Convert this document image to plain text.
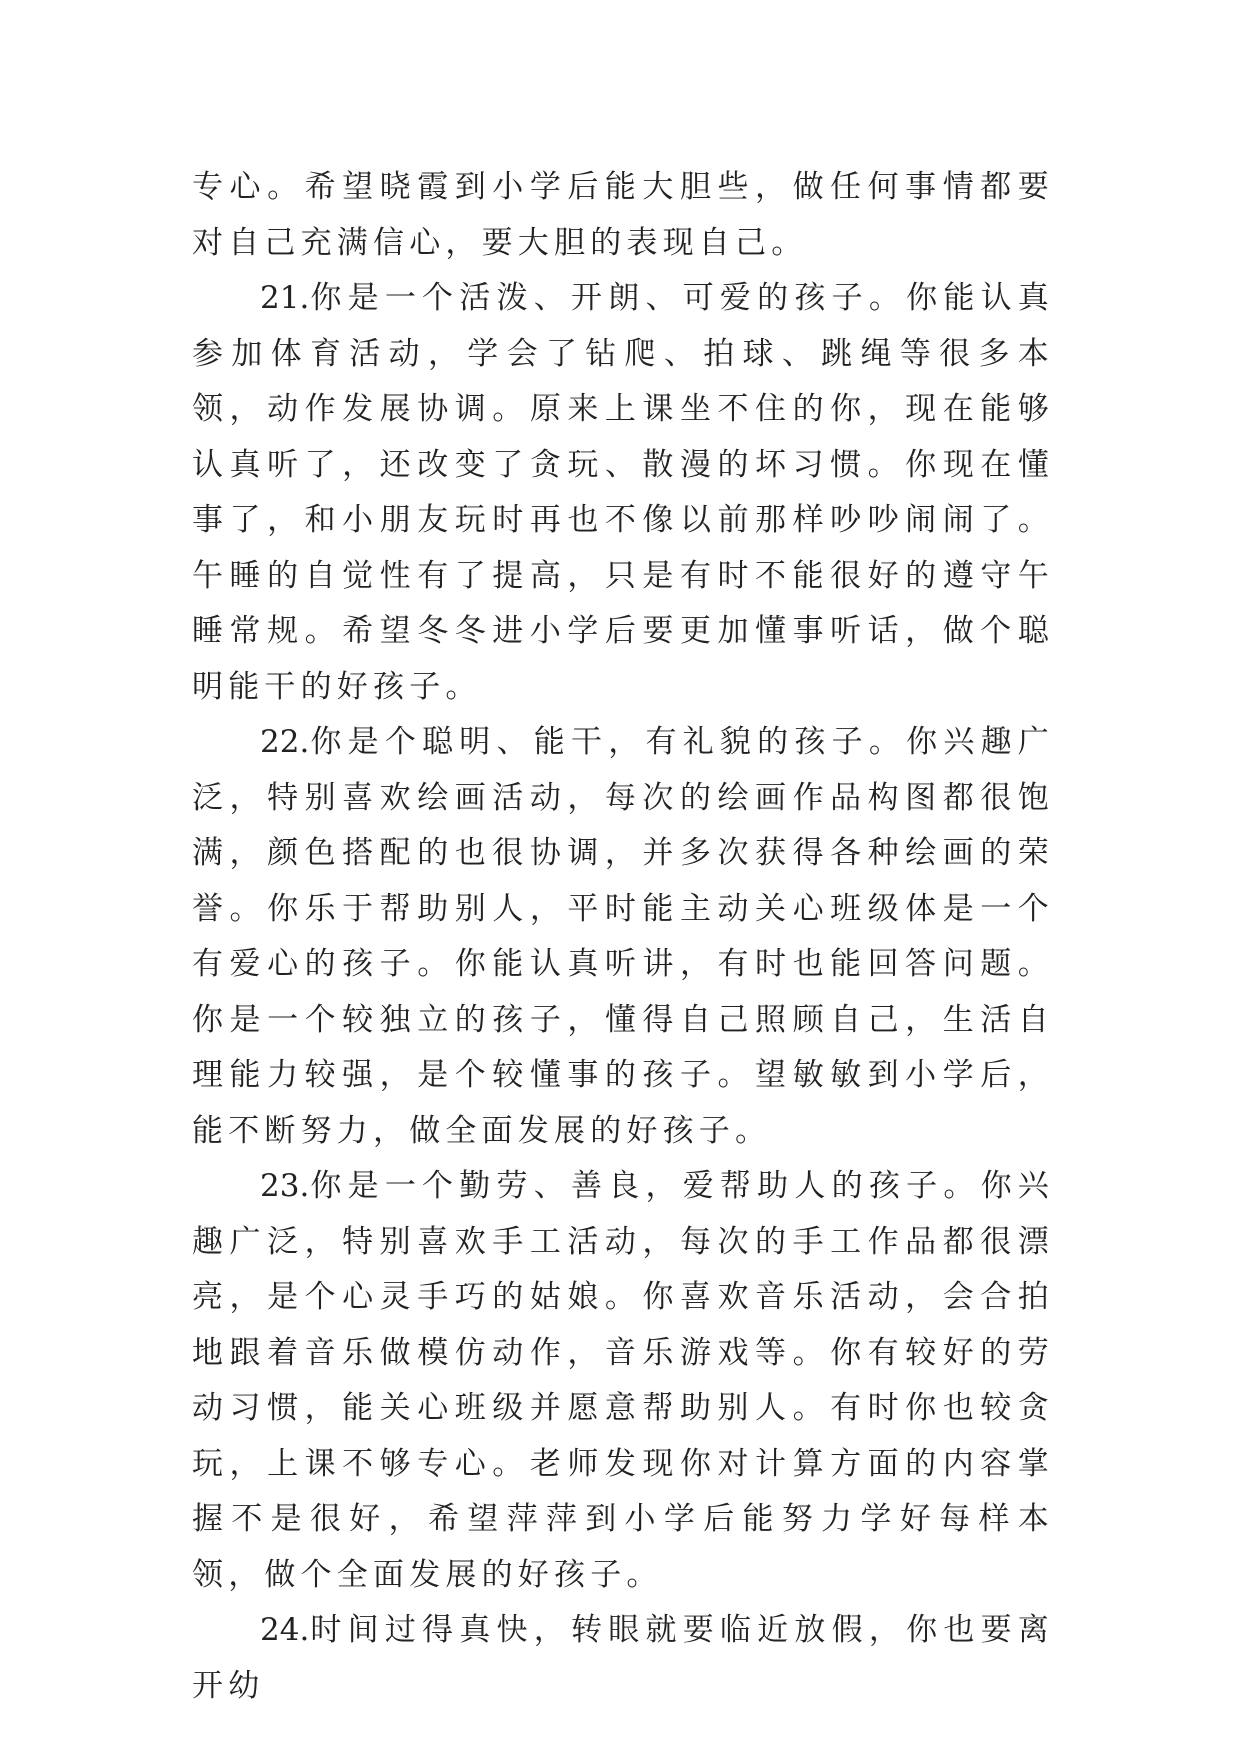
专心。希望晓霞到小学后能大胆些，做任何事情都要对自己充满信心，要大胆的表现自己。

21.你是一个活泼、开朗、可爱的孩子。你能认真参加体育活动，学会了钻爬、拍球、跳绳等很多本领，动作发展协调。原来上课坐不住的你，现在能够认真听了，还改变了贪玩、散漫的坏习惯。你现在懂事了，和小朋友玩时再也不像以前那样吵吵闹闹了。午睡的自觉性有了提高，只是有时不能很好的遵守午睡常规。希望冬冬进小学后要更加懂事听话，做个聪明能干的好孩子。

22.你是个聪明、能干，有礼貌的孩子。你兴趣广泛，特别喜欢绘画活动，每次的绘画作品构图都很饱满，颜色搭配的也很协调，并多次获得各种绘画的荣誉。你乐于帮助别人，平时能主动关心班级体是一个有爱心的孩子。你能认真听讲，有时也能回答问题。你是一个较独立的孩子，懂得自己照顾自己，生活自理能力较强，是个较懂事的孩子。望敏敏到小学后，能不断努力，做全面发展的好孩子。

23.你是一个勤劳、善良，爱帮助人的孩子。你兴趣广泛，特别喜欢手工活动，每次的手工作品都很漂亮，是个心灵手巧的姑娘。你喜欢音乐活动，会合拍地跟着音乐做模仿动作，音乐游戏等。你有较好的劳动习惯，能关心班级并愿意帮助别人。有时你也较贪玩，上课不够专心。老师发现你对计算方面的内容掌握不是很好，希望萍萍到小学后能努力学好每样本领，做个全面发展的好孩子。

24.时间过得真快，转眼就要临近放假，你也要离开幼
